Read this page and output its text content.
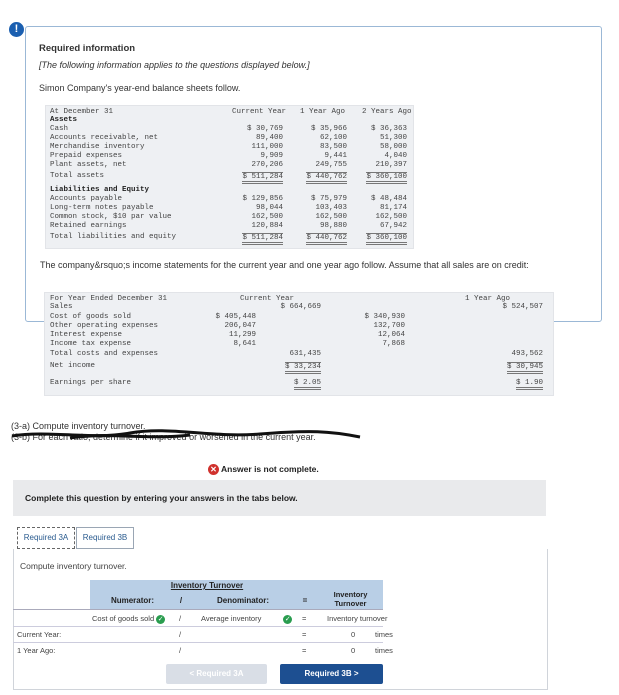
!
Required information
[The following information applies to the questions displayed below.]
Simon Company's year-end balance sheets follow.
At December 31	Current Year 1 Year Ago 2 Years Ago
Assets
Cash	$ 30,769	$ 35,966	$ 36,363
Accounts receivable, net	89,400	62,100	51,300
Merchandise inventory	111,000	83,500	58,000
Prepaid expenses	9,909	9,441	4,040
Plant assets, net	270,206	249,755	210,397
Total assets	$ 511,284	$ 440,762	$ 360,100
Liabilities and Equity
Accounts payable	$ 129,856	$ 75,979	$ 48,484
Long-term notes payable	98,044	103,403	81,174
Common stock, $10 par value	162,500	162,500	162,500
Retained earnings	120,884	98,880	67,942
Total liabilities and equity	$ 511,284	$ 440,762	$ 360,100
The company&rsquo;s income statements for the current year and one year ago follow. Assume that all sales are on credit:
For Year Ended December 31	Current Year	1 Year Ago
Sales	$ 664,669	$ 524,507
Cost of goods sold	$ 405,448	$ 340,930
Other operating expenses	206,047	132,700
Interest expense	11,299	12,064
Income tax expense	8,641	7,868
Total costs and expenses	631,435	493,562
Net income	$ 33,234	$ 30,945
Earnings per share	$ 2.05	$ 1.90
(3-a) Compute inventory turnover.
(3-b) For each ratio, determine if it improved or worsened in the current year.
✕ Answer is not complete.
Complete this question by entering your answers in the tabs below.
Required 3A	Required 3B
Compute inventory turnover.
Inventory Turnover
Numerator:	/	Denominator:	=
Inventory Turnover
Cost of goods sold ✓ /	Average inventory	✓ =	Inventory turnover
Current Year:	/	=	0	times
1 Year Ago:	/	=	0	times
< Required 3A	Required 3B >
